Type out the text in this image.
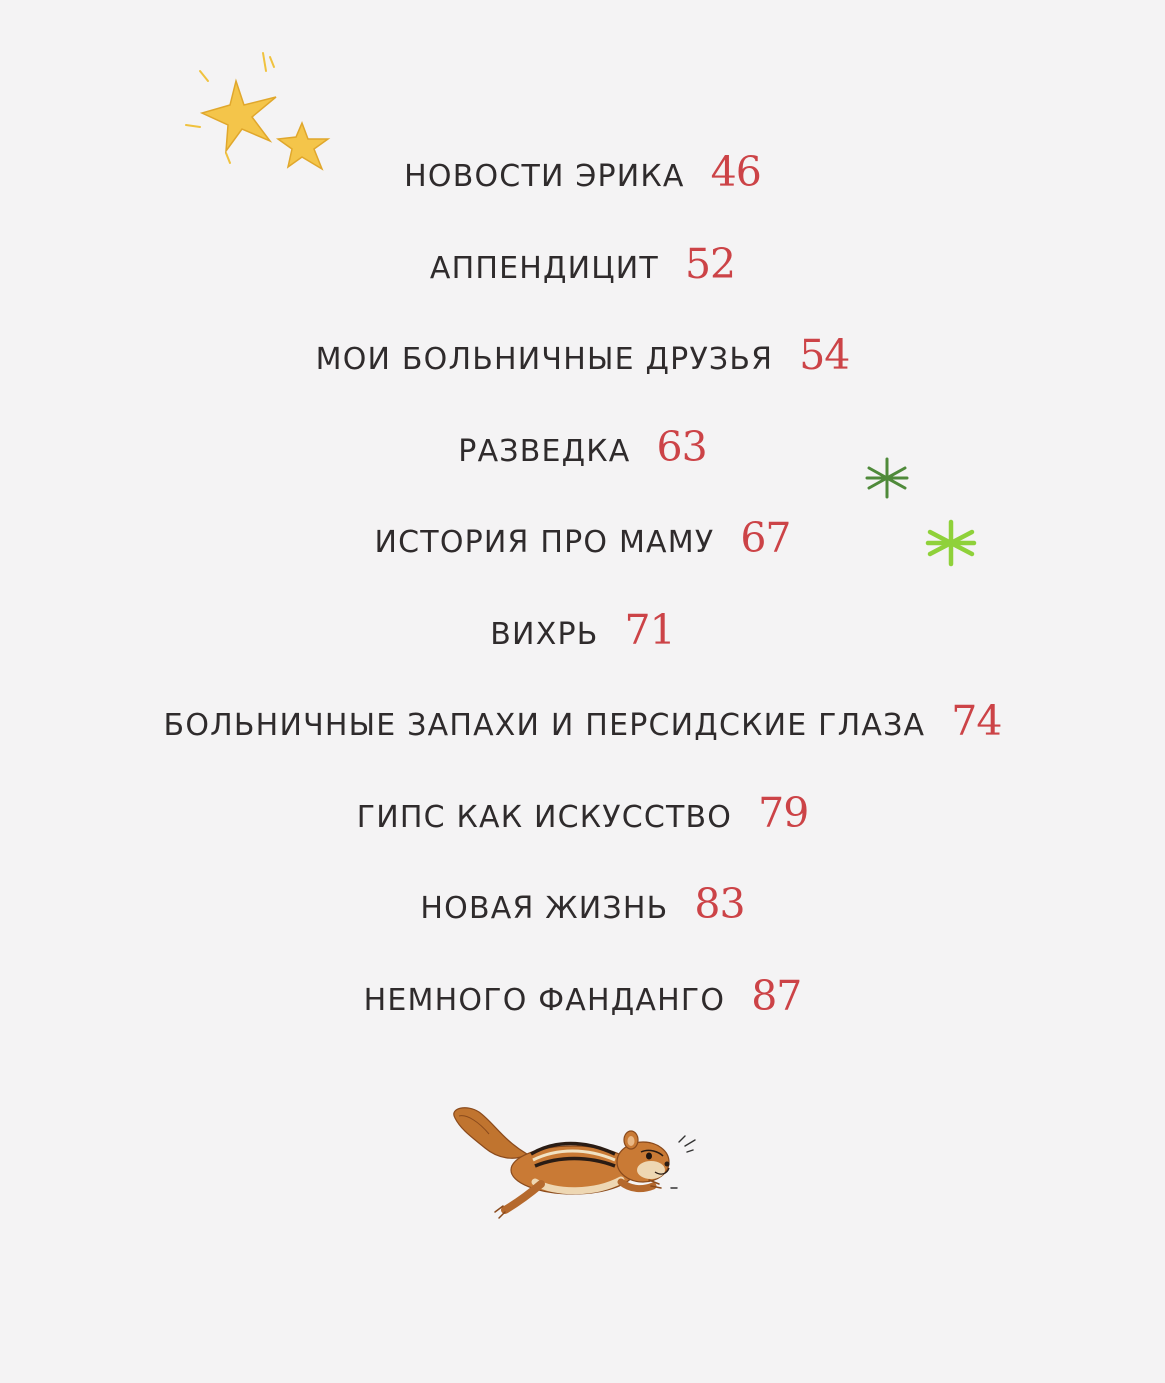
НОВОСТИ ЭРИКА 46
АППЕНДИЦИТ 52
МОИ БОЛЬНИЧНЫЕ ДРУЗЬЯ 54
РАЗВЕДКА 63
ИСТОРИЯ ПРО МАМУ 67
ВИХРЬ 71
БОЛЬНИЧНЫЕ ЗАПАХИ И ПЕРСИДСКИЕ ГЛАЗА 74
ГИПС КАК ИСКУССТВО 79
НОВАЯ ЖИЗНЬ 83
НЕМНОГО ФАНДАНГО 87
